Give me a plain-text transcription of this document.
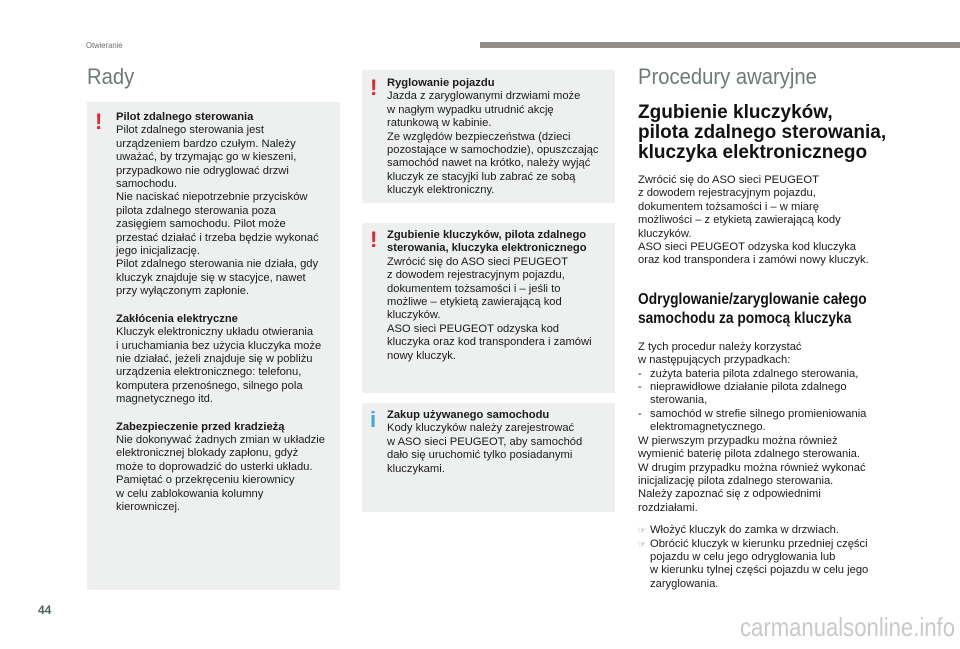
Otwieranie
Rady
! Pilot zdalnego sterowania
Pilot zdalnego sterowania jest
urządzeniem bardzo czułym. Należy
uważać, by trzymając go w kieszeni,
przypadkowo nie odryglować drzwi
samochodu.
Nie naciskać niepotrzebnie przycisków
pilota zdalnego sterowania poza
zasięgiem samochodu. Pilot może
przestać działać i trzeba będzie wykonać
jego inicjalizację.
Pilot zdalnego sterowania nie działa, gdy
kluczyk znajduje się w stacyjce, nawet
przy wyłączonym zapłonie.
Zakłócenia elektryczne
Kluczyk elektroniczny układu otwierania
i uruchamiania bez użycia kluczyka może
nie działać, jeżeli znajduje się w pobliżu
urządzenia elektronicznego: telefonu,
komputera przenośnego, silnego pola
magnetycznego itd.
Zabezpieczenie przed kradzieżą
Nie dokonywać żadnych zmian w układzie
elektronicznej blokady zapłonu, gdyż
może to doprowadzić do usterki układu.
Pamiętać o przekręceniu kierownicy
w celu zablokowania kolumny
kierowniczej.
! Ryglowanie pojazdu
Jazda z zaryglowanymi drzwiami może
w nagłym wypadku utrudnić akcję
ratunkową w kabinie.
Ze względów bezpieczeństwa (dzieci
pozostające w samochodzie), opuszczając
samochód nawet na krótko, należy wyjąć
kluczyk ze stacyjki lub zabrać ze sobą
kluczyk elektroniczny.
! Zgubienie kluczyków, pilota zdalnego
sterowania, kluczyka elektronicznego
Zwrócić się do ASO sieci PEUGEOT
z dowodem rejestracyjnym pojazdu,
dokumentem tożsamości i – jeśli to
możliwe – etykietą zawierającą kod
kluczyków.
ASO sieci PEUGEOT odzyska kod
kluczyka oraz kod transpondera i zamówi
nowy kluczyk.
i Zakup używanego samochodu
Kody kluczyków należy zarejestrować
w ASO sieci PEUGEOT, aby samochód
dało się uruchomić tylko posiadanymi
kluczykami.
Procedury awaryjne
Zgubienie kluczyków,
pilota zdalnego sterowania,
kluczyka elektronicznego
Zwrócić się do ASO sieci PEUGEOT
z dowodem rejestracyjnym pojazdu,
dokumentem tożsamości i – w miarę
możliwości – z etykietą zawierającą kody
kluczyków.
ASO sieci PEUGEOT odzyska kod kluczyka
oraz kod transpondera i zamówi nowy kluczyk.
Odryglowanie/zaryglowanie całego
samochodu za pomocą kluczyka
Z tych procedur należy korzystać
w następujących przypadkach:
- zużyta bateria pilota zdalnego sterowania,
- nieprawidłowe działanie pilota zdalnego
sterowania,
- samochód w strefie silnego promieniowania
elektromagnetycznego.
W pierwszym przypadku można również
wymienić baterię pilota zdalnego sterowania.
W drugim przypadku można również wykonać
inicjalizację pilota zdalnego sterowania.
Należy zapoznać się z odpowiednimi
rozdziałami.
☞ Włożyć kluczyk do zamka w drzwiach.
☞ Obrócić kluczyk w kierunku przedniej części
pojazdu w celu jego odryglowania lub
w kierunku tylnej części pojazdu w celu jego
zaryglowania.
44
carmanualsonline.info
